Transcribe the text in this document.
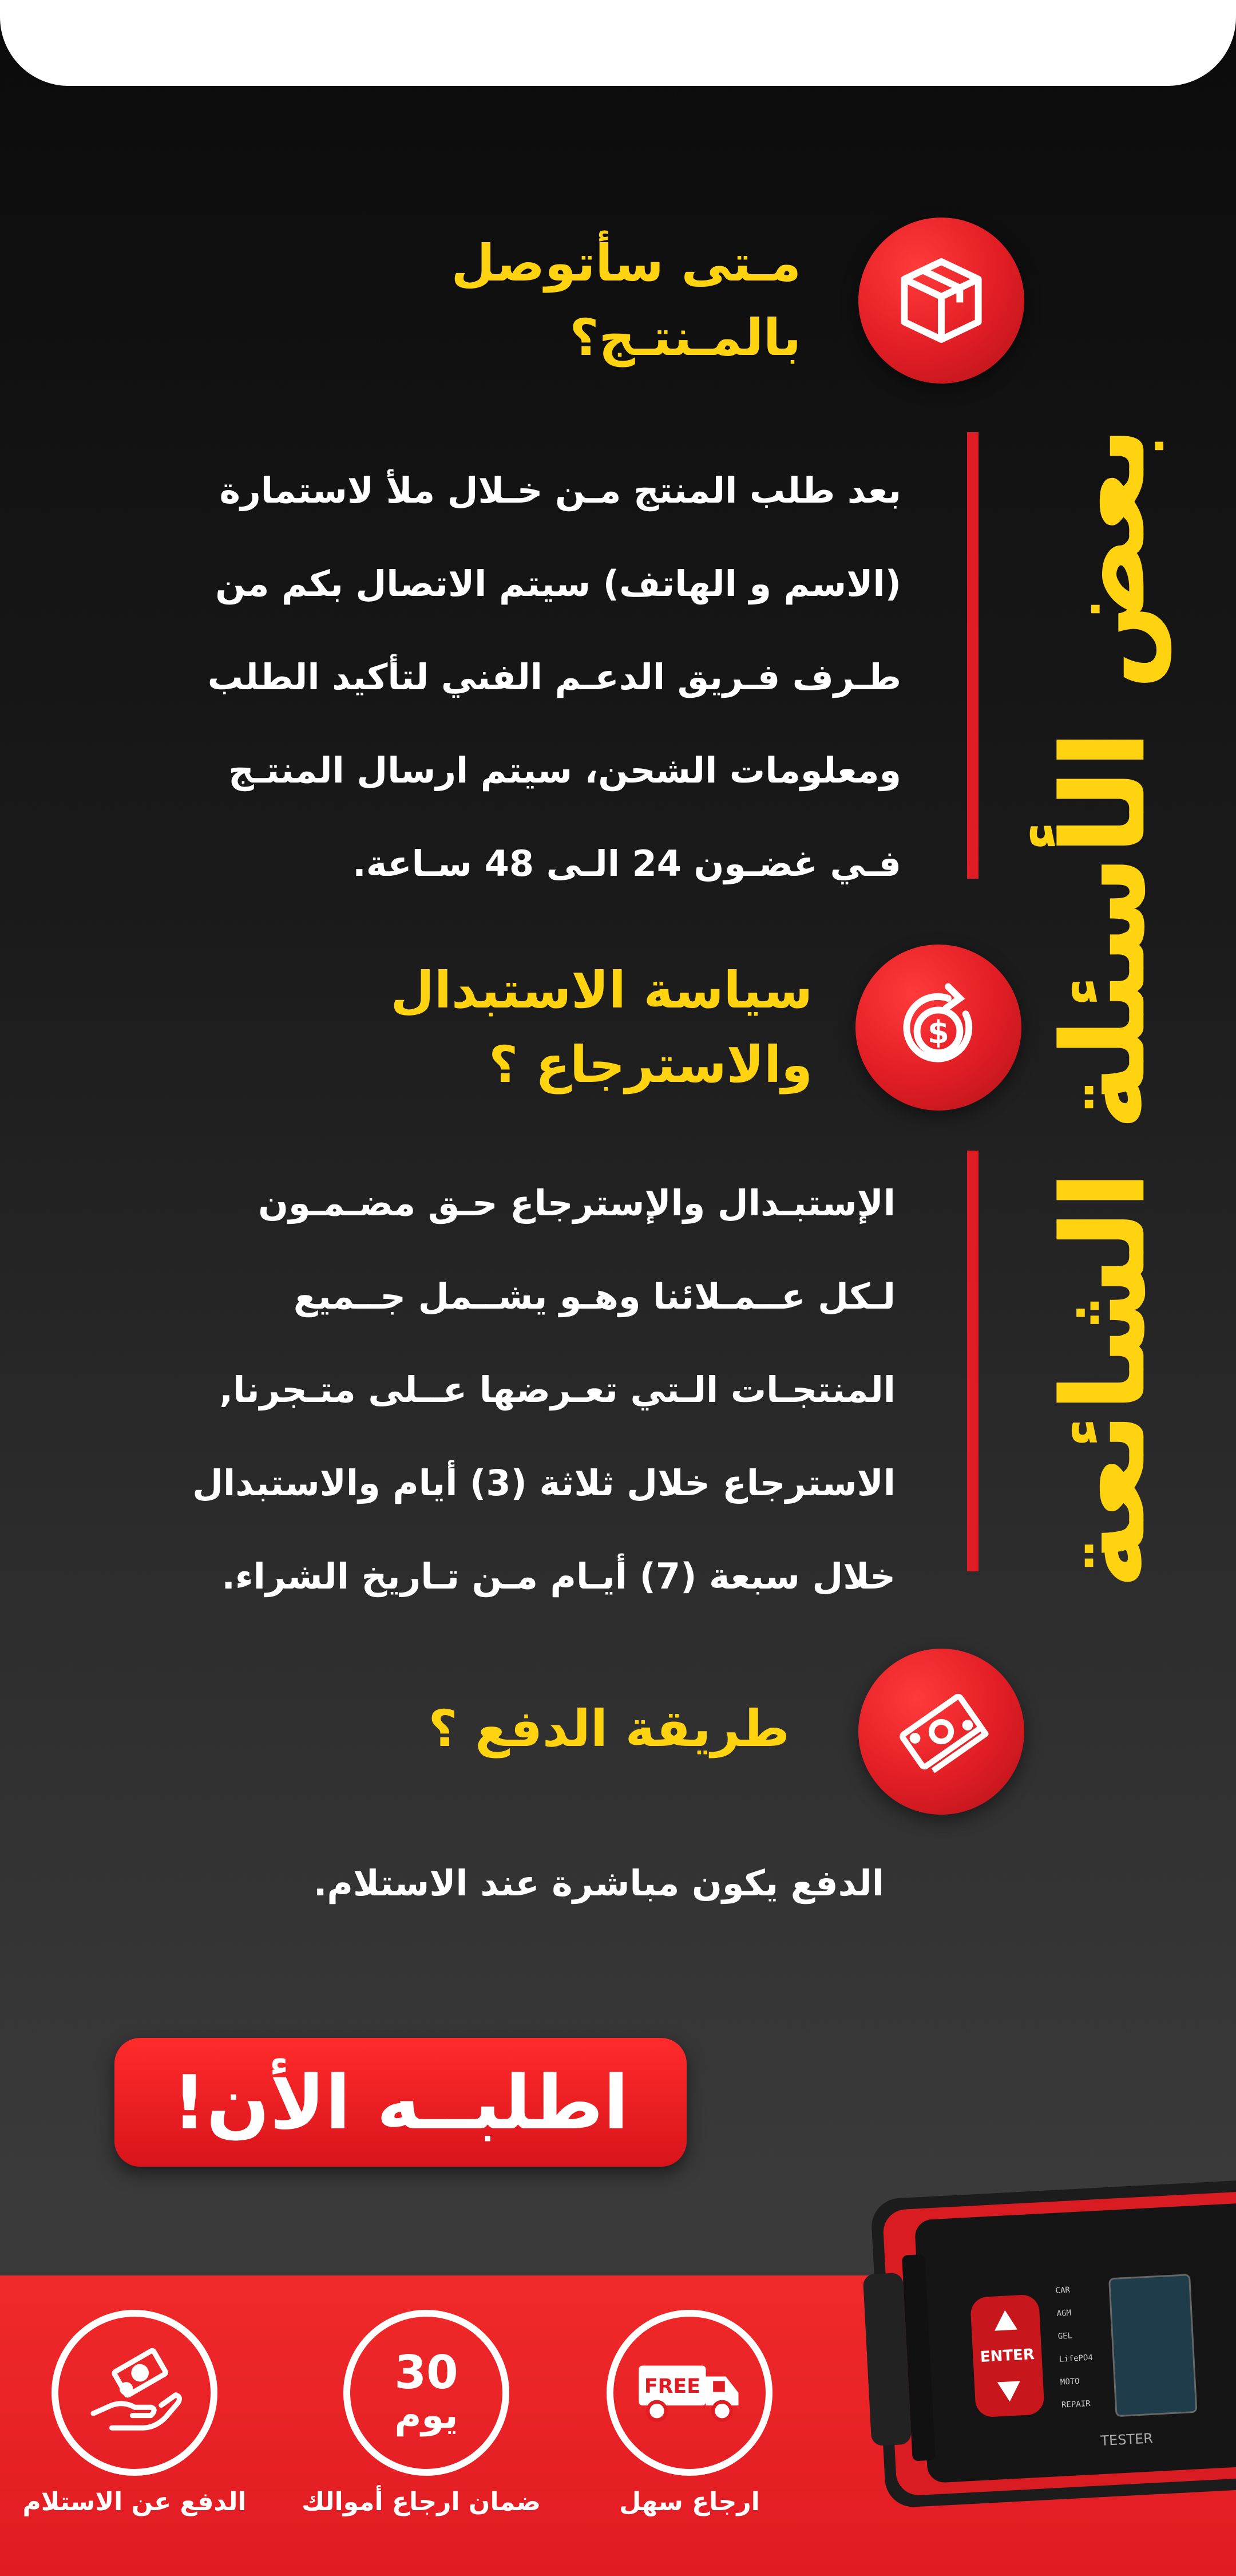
بعض الأسئلة الشائعة
مـتى سأتوصل
بالمـنتـج؟

بعد طلب المنتج مـن خـلال ملأ لاستمارة

(الاسم و الهاتف) سيتم الاتصال بكم من

طـرف فـريق الدعـم الفني لتأكيد الطلب

ومعلومات الشحن، سيتم ارسال المنتـج

فـي غضـون 24 الـى 48 سـاعة.

$
سياسة الاستبدال
والاسترجاع ؟

الإستبـدال والإسترجاع حـق مضـمـون

لـكل عــمـلائنا وهـو يشــمل جــميع

المنتجـات الـتي تعـرضها عــلى متـجرنا,

الاسترجاع خلال ثلاثة (3) أيام والاستبدال

خلال سبعة (7) أيـام مـن تـاريخ الشراء.

طريقة الدفع ؟

الدفع يكون مباشرة عند الاستلام.

اطلبــه الأن!
ENTER
CAR
AGM
GEL
LifePO4
MOTO
REPAIR
TESTER
FREE
ارجاع سهل
30
يوم
ضمان ارجاع أموالك
الدفع عن الاستلام
